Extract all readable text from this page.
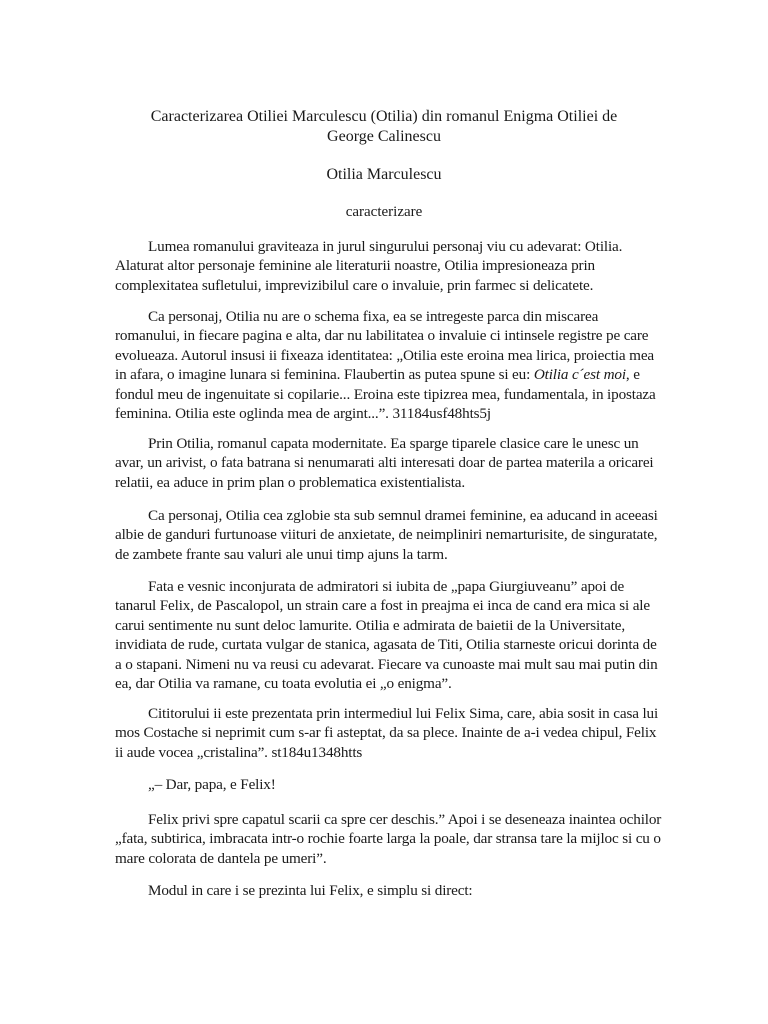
Caracterizarea Otiliei Marculescu (Otilia) din romanul Enigma Otiliei de
George Calinescu

Otilia Marculescu

caracterizare

Lumea romanului graviteaza in jurul singurului personaj viu cu adevarat: Otilia. Alaturat altor personaje feminine ale literaturii noastre, Otilia impresioneaza prin complexitatea sufletului, imprevizibilul care o invaluie, prin farmec si delicatete.

Ca personaj, Otilia nu are o schema fixa, ea se intregeste parca din miscarea romanului, in fiecare pagina e alta, dar nu labilitatea o invaluie ci intinsele registre pe care evolueaza. Autorul insusi ii fixeaza identitatea: „Otilia este eroina mea lirica, proiectia mea in afara, o imagine lunara si feminina. Flaubertin as putea spune si eu: Otilia c´est moi, e fondul meu de ingenuitate si copilarie... Eroina este tipizrea mea, fundamentala, in ipostaza feminina. Otilia este oglinda mea de argint...”. 31184usf48hts5j

Prin Otilia, romanul capata modernitate. Ea sparge tiparele clasice care le unesc un avar, un arivist, o fata batrana si nenumarati alti interesati doar de partea materila a oricarei relatii, ea aduce in prim plan o problematica existentialista.

Ca personaj, Otilia cea zglobie sta sub semnul dramei feminine, ea aducand in aceeasi albie de ganduri furtunoase viituri de anxietate, de neimpliniri nemarturisite, de singuratate, de zambete frante sau valuri ale unui timp ajuns la tarm.

Fata e vesnic inconjurata de admiratori si iubita de „papa Giurgiuveanu” apoi de tanarul Felix, de Pascalopol, un strain care a fost in preajma ei inca de cand era mica si ale carui sentimente nu sunt deloc lamurite. Otilia e admirata de baietii de la Universitate, invidiata de rude, curtata vulgar de stanica, agasata de Titi, Otilia starneste oricui dorinta de a o stapani. Nimeni nu va reusi cu adevarat. Fiecare va cunoaste mai mult sau mai putin din ea, dar Otilia va ramane, cu toata evolutia ei „o enigma”.

Cititorului ii este prezentata prin intermediul lui Felix Sima, care, abia sosit in casa lui mos Costache si neprimit cum s-ar fi asteptat, da sa plece. Inainte de a-i vedea chipul, Felix ii aude vocea „cristalina”. st184u1348htts

„– Dar, papa, e Felix!

Felix privi spre capatul scarii ca spre cer deschis.” Apoi i se deseneaza inaintea ochilor „fata, subtirica, imbracata intr-o rochie foarte larga la poale, dar stransa tare la mijloc si cu o mare colorata de dantela pe umeri”.

Modul in care i se prezinta lui Felix, e simplu si direct:
